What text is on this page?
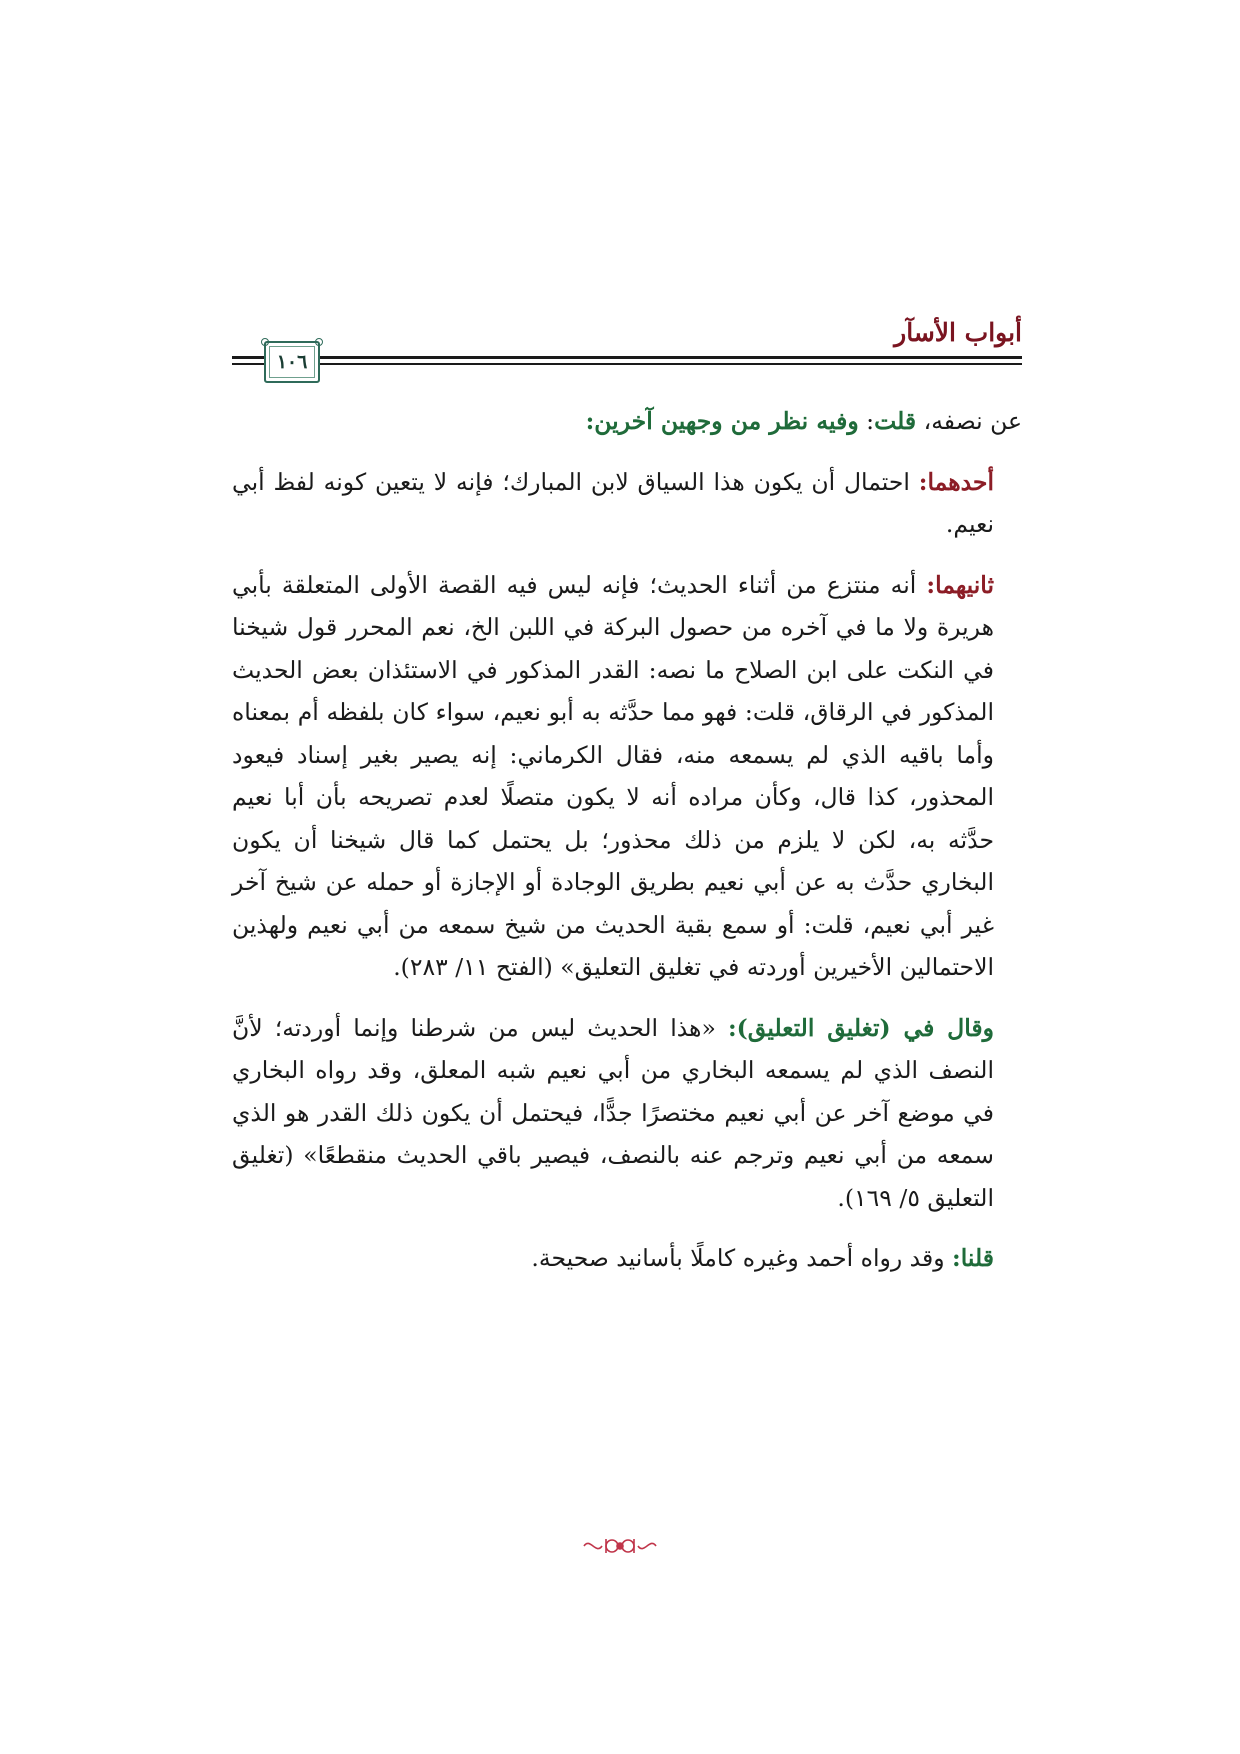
أبواب الأسآر
١٠٦

عن نصفه، قلت: وفيه نظر من وجهين آخرين:

أحدهما: احتمال أن يكون هذا السياق لابن المبارك؛ فإنه لا يتعين كونه لفظ أبي نعيم.

ثانيهما: أنه منتزع من أثناء الحديث؛ فإنه ليس فيه القصة الأولى المتعلقة بأبي هريرة ولا ما في آخره من حصول البركة في اللبن الخ، نعم المحرر قول شيخنا في النكت على ابن الصلاح ما نصه: القدر المذكور في الاستئذان بعض الحديث المذكور في الرقاق، قلت: فهو مما حدَّثه به أبو نعيم، سواء كان بلفظه أم بمعناه وأما باقيه الذي لم يسمعه منه، فقال الكرماني: إنه يصير بغير إسناد فيعود المحذور، كذا قال، وكأن مراده أنه لا يكون متصلًا لعدم تصريحه بأن أبا نعيم حدَّثه به، لكن لا يلزم من ذلك محذور؛ بل يحتمل كما قال شيخنا أن يكون البخاري حدَّث به عن أبي نعيم بطريق الوجادة أو الإجازة أو حمله عن شيخ آخر غير أبي نعيم، قلت: أو سمع بقية الحديث من شيخ سمعه من أبي نعيم ولهذين الاحتمالين الأخيرين أوردته في تغليق التعليق» (الفتح ١١/ ٢٨٣).

وقال في (تغليق التعليق): «هذا الحديث ليس من شرطنا وإنما أوردته؛ لأنَّ النصف الذي لم يسمعه البخاري من أبي نعيم شبه المعلق، وقد رواه البخاري في موضع آخر عن أبي نعيم مختصرًا جدًّا، فيحتمل أن يكون ذلك القدر هو الذي سمعه من أبي نعيم وترجم عنه بالنصف، فيصير باقي الحديث منقطعًا» (تغليق التعليق ٥/ ١٦٩).

قلنا: وقد رواه أحمد وغيره كاملًا بأسانيد صحيحة.
